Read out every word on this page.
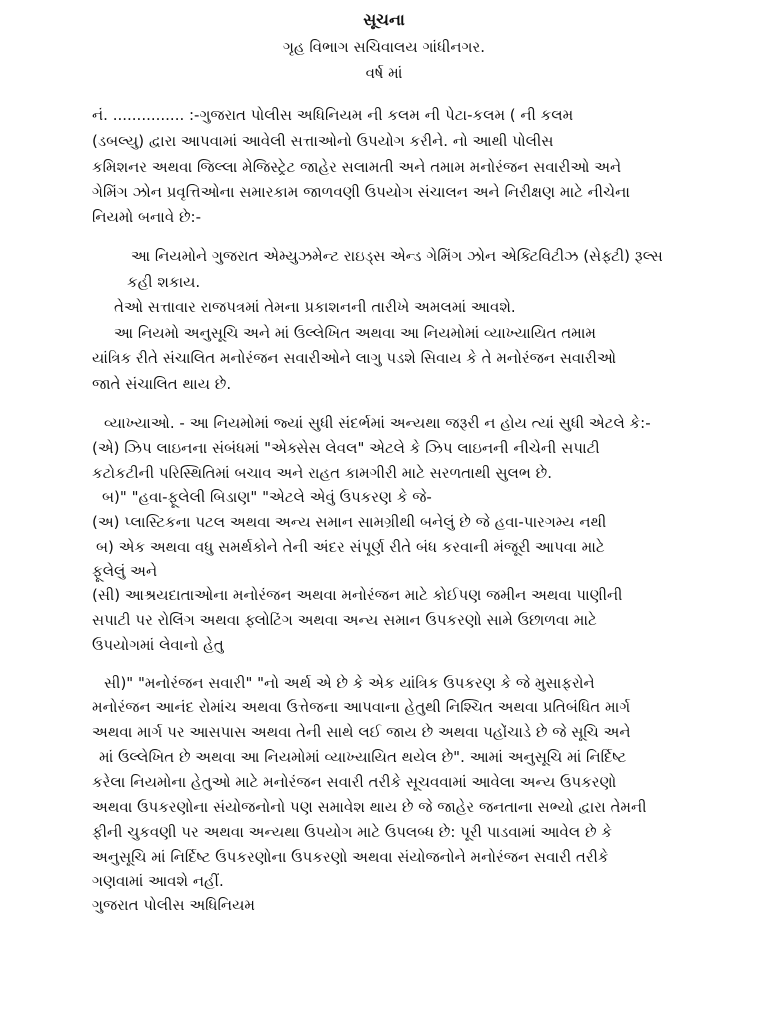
સૂચના
ગૃહ વિભાગ સચિવાલય ગાંધીનગર.
વર્ષ માં
નં. ............... :-ગુજરાત પોલીસ અધિનિયમ ની કલમ ની પેટા-કલમ ( ની કલમ
(ડબલ્યુ) દ્વારા આપવામાં આવેલી સત્તાઓનો ઉપયોગ કરીને. નો આથી પોલીસ
કમિશનર અથવા જિલ્લા મેજિસ્ટ્રેટ જાહેર સલામતી અને તમામ મનોરંજન સવારીઓ અને
ગેમિંગ ઝોન પ્રવૃત્તિઓના સમારકામ જાળવણી ઉપયોગ સંચાલન અને નિરીક્ષણ માટે નીચેના
નિયમો બનાવે છે:-
આ નિયમોને ગુજરાત એમ્યુઝમેન્ટ રાઇડ્સ એન્ડ ગેમિંગ ઝોન એક્ટિવિટીઝ (સેફ્ટી) રૂલ્સ
કહી શકાય.
તેઓ સત્તાવાર રાજપત્રમાં તેમના પ્રકાશનની તારીખે અમલમાં આવશે.
આ નિયમો અનુસૂચિ અને માં ઉલ્લેખિત અથવા આ નિયમોમાં વ્યાખ્યાયિત તમામ
યાંત્રિક રીતે સંચાલિત મનોરંજન સવારીઓને લાગુ પડશે સિવાય કે તે મનોરંજન સવારીઓ
જાતે સંચાલિત થાય છે.
વ્યાખ્યાઓ. - આ નિયમોમાં જ્યાં સુધી સંદર્ભમાં અન્યથા જરૂરી ન હોય ત્યાં સુધી એટલે કે:-
(એ) ઝિપ લાઇનના સંબંધમાં "એક્સેસ લેવલ" એટલે કે ઝિપ લાઇનની નીચેની સપાટી
કટોકટીની પરિસ્થિતિમાં બચાવ અને રાહત કામગીરી માટે સરળતાથી સુલભ છે.
બ)" "હવા-ફૂલેલી બિડાણ" "એટલે એવું ઉપકરણ કે જે-
(અ) પ્લાસ્ટિકના પટલ અથવા અન્ય સમાન સામગ્રીથી બનેલું છે જે હવા-પારગમ્ય નથી
બ) એક અથવા વધુ સમર્થકોને તેની અંદર સંપૂર્ણ રીતે બંધ કરવાની મંજૂરી આપવા માટે
ફૂલેલું અને
(સી) આશ્રયદાતાઓના મનોરંજન અથવા મનોરંજન માટે કોઈપણ જમીન અથવા પાણીની
સપાટી પર રોલિંગ અથવા ફ્લોટિંગ અથવા અન્ય સમાન ઉપકરણો સામે ઉછાળવા માટે
ઉપયોગમાં લેવાનો હેતુ
સી)" "મનોરંજન સવારી" "નો અર્થ એ છે કે એક યાંત્રિક ઉપકરણ કે જે મુસાફરોને
મનોરંજન આનંદ રોમાંચ અથવા ઉત્તેજના આપવાના હેતુથી નિશ્ચિત અથવા પ્રતિબંધિત માર્ગ
અથવા માર્ગ પર આસપાસ અથવા તેની સાથે લઈ જાય છે અથવા પહોંચાડે છે જે સૂચિ અને
માં ઉલ્લેખિત છે અથવા આ નિયમોમાં વ્યાખ્યાયિત થયેલ છે". આમાં અનુસૂચિ માં નિર્દિષ્ટ
કરેલા નિયમોના હેતુઓ માટે મનોરંજન સવારી તરીકે સૂચવવામાં આવેલા અન્ય ઉપકરણો
અથવા ઉપકરણોના સંયોજનોનો પણ સમાવેશ થાય છે જે જાહેર જનતાના સભ્યો દ્વારા તેમની
ફીની ચુકવણી પર અથવા અન્યથા ઉપયોગ માટે ઉપલબ્ધ છે: પૂરી પાડવામાં આવેલ છે કે
અનુસૂચિ માં નિર્દિષ્ટ ઉપકરણોના ઉપકરણો અથવા સંયોજનોને મનોરંજન સવારી તરીકે
ગણવામાં આવશે નહીં.
ગુજરાત પોલીસ અધિનિયમ
